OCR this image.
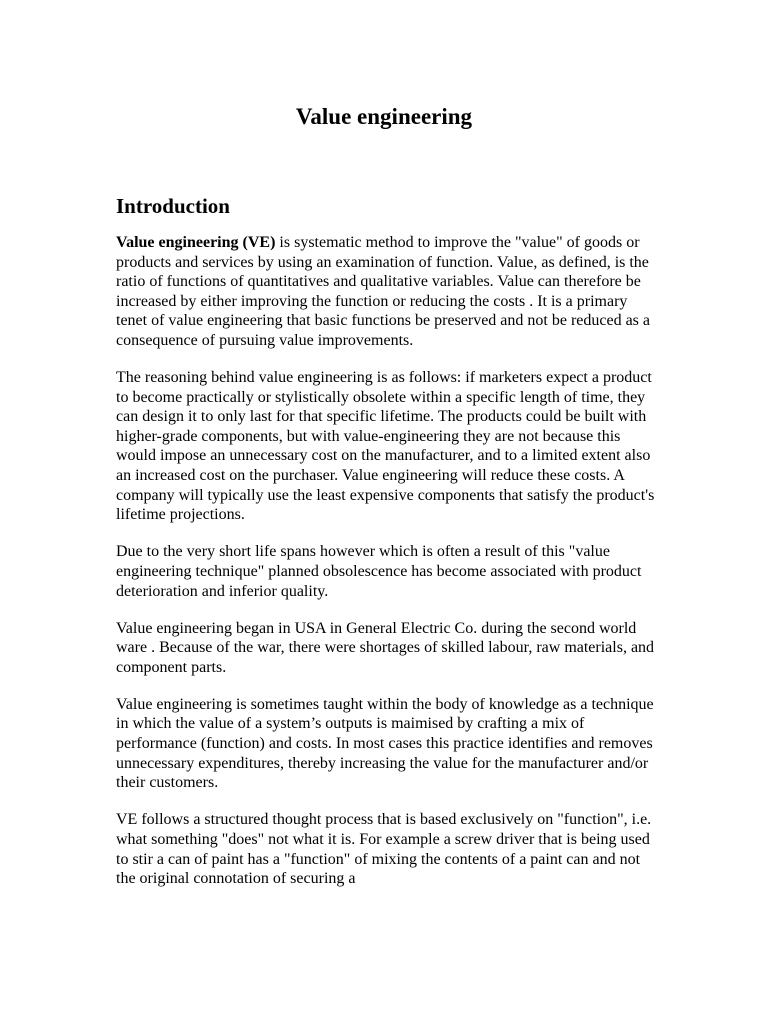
Value engineering
Introduction

Value engineering (VE) is systematic method to improve the "value" of goods or products and services by using an examination of function. Value, as defined, is the ratio of functions of quantitatives and qualitative variables. Value can therefore be increased by either improving the function or reducing the costs . It is a primary tenet of value engineering that basic functions be preserved and not be reduced as a consequence of pursuing value improvements.

The reasoning behind value engineering is as follows: if marketers expect a product to become practically or stylistically obsolete within a specific length of time, they can design it to only last for that specific lifetime. The products could be built with higher-grade components, but with value-engineering they are not because this would impose an unnecessary cost on the manufacturer, and to a limited extent also an increased cost on the purchaser. Value engineering will reduce these costs. A company will typically use the least expensive components that satisfy the product's lifetime projections.

Due to the very short life spans however which is often a result of this "value engineering technique" planned obsolescence has become associated with product deterioration and inferior quality.

Value engineering began in USA in General Electric Co. during the second world ware . Because of the war, there were shortages of skilled labour, raw materials, and component parts.

Value engineering is sometimes taught within the body of knowledge as a technique in which the value of a system’s outputs is maimised by crafting a mix of performance (function) and costs. In most cases this practice identifies and removes unnecessary expenditures, thereby increasing the value for the manufacturer and/or their customers.

VE follows a structured thought process that is based exclusively on "function", i.e. what something "does" not what it is. For example a screw driver that is being used to stir a can of paint has a "function" of mixing the contents of a paint can and not the original connotation of securing a
